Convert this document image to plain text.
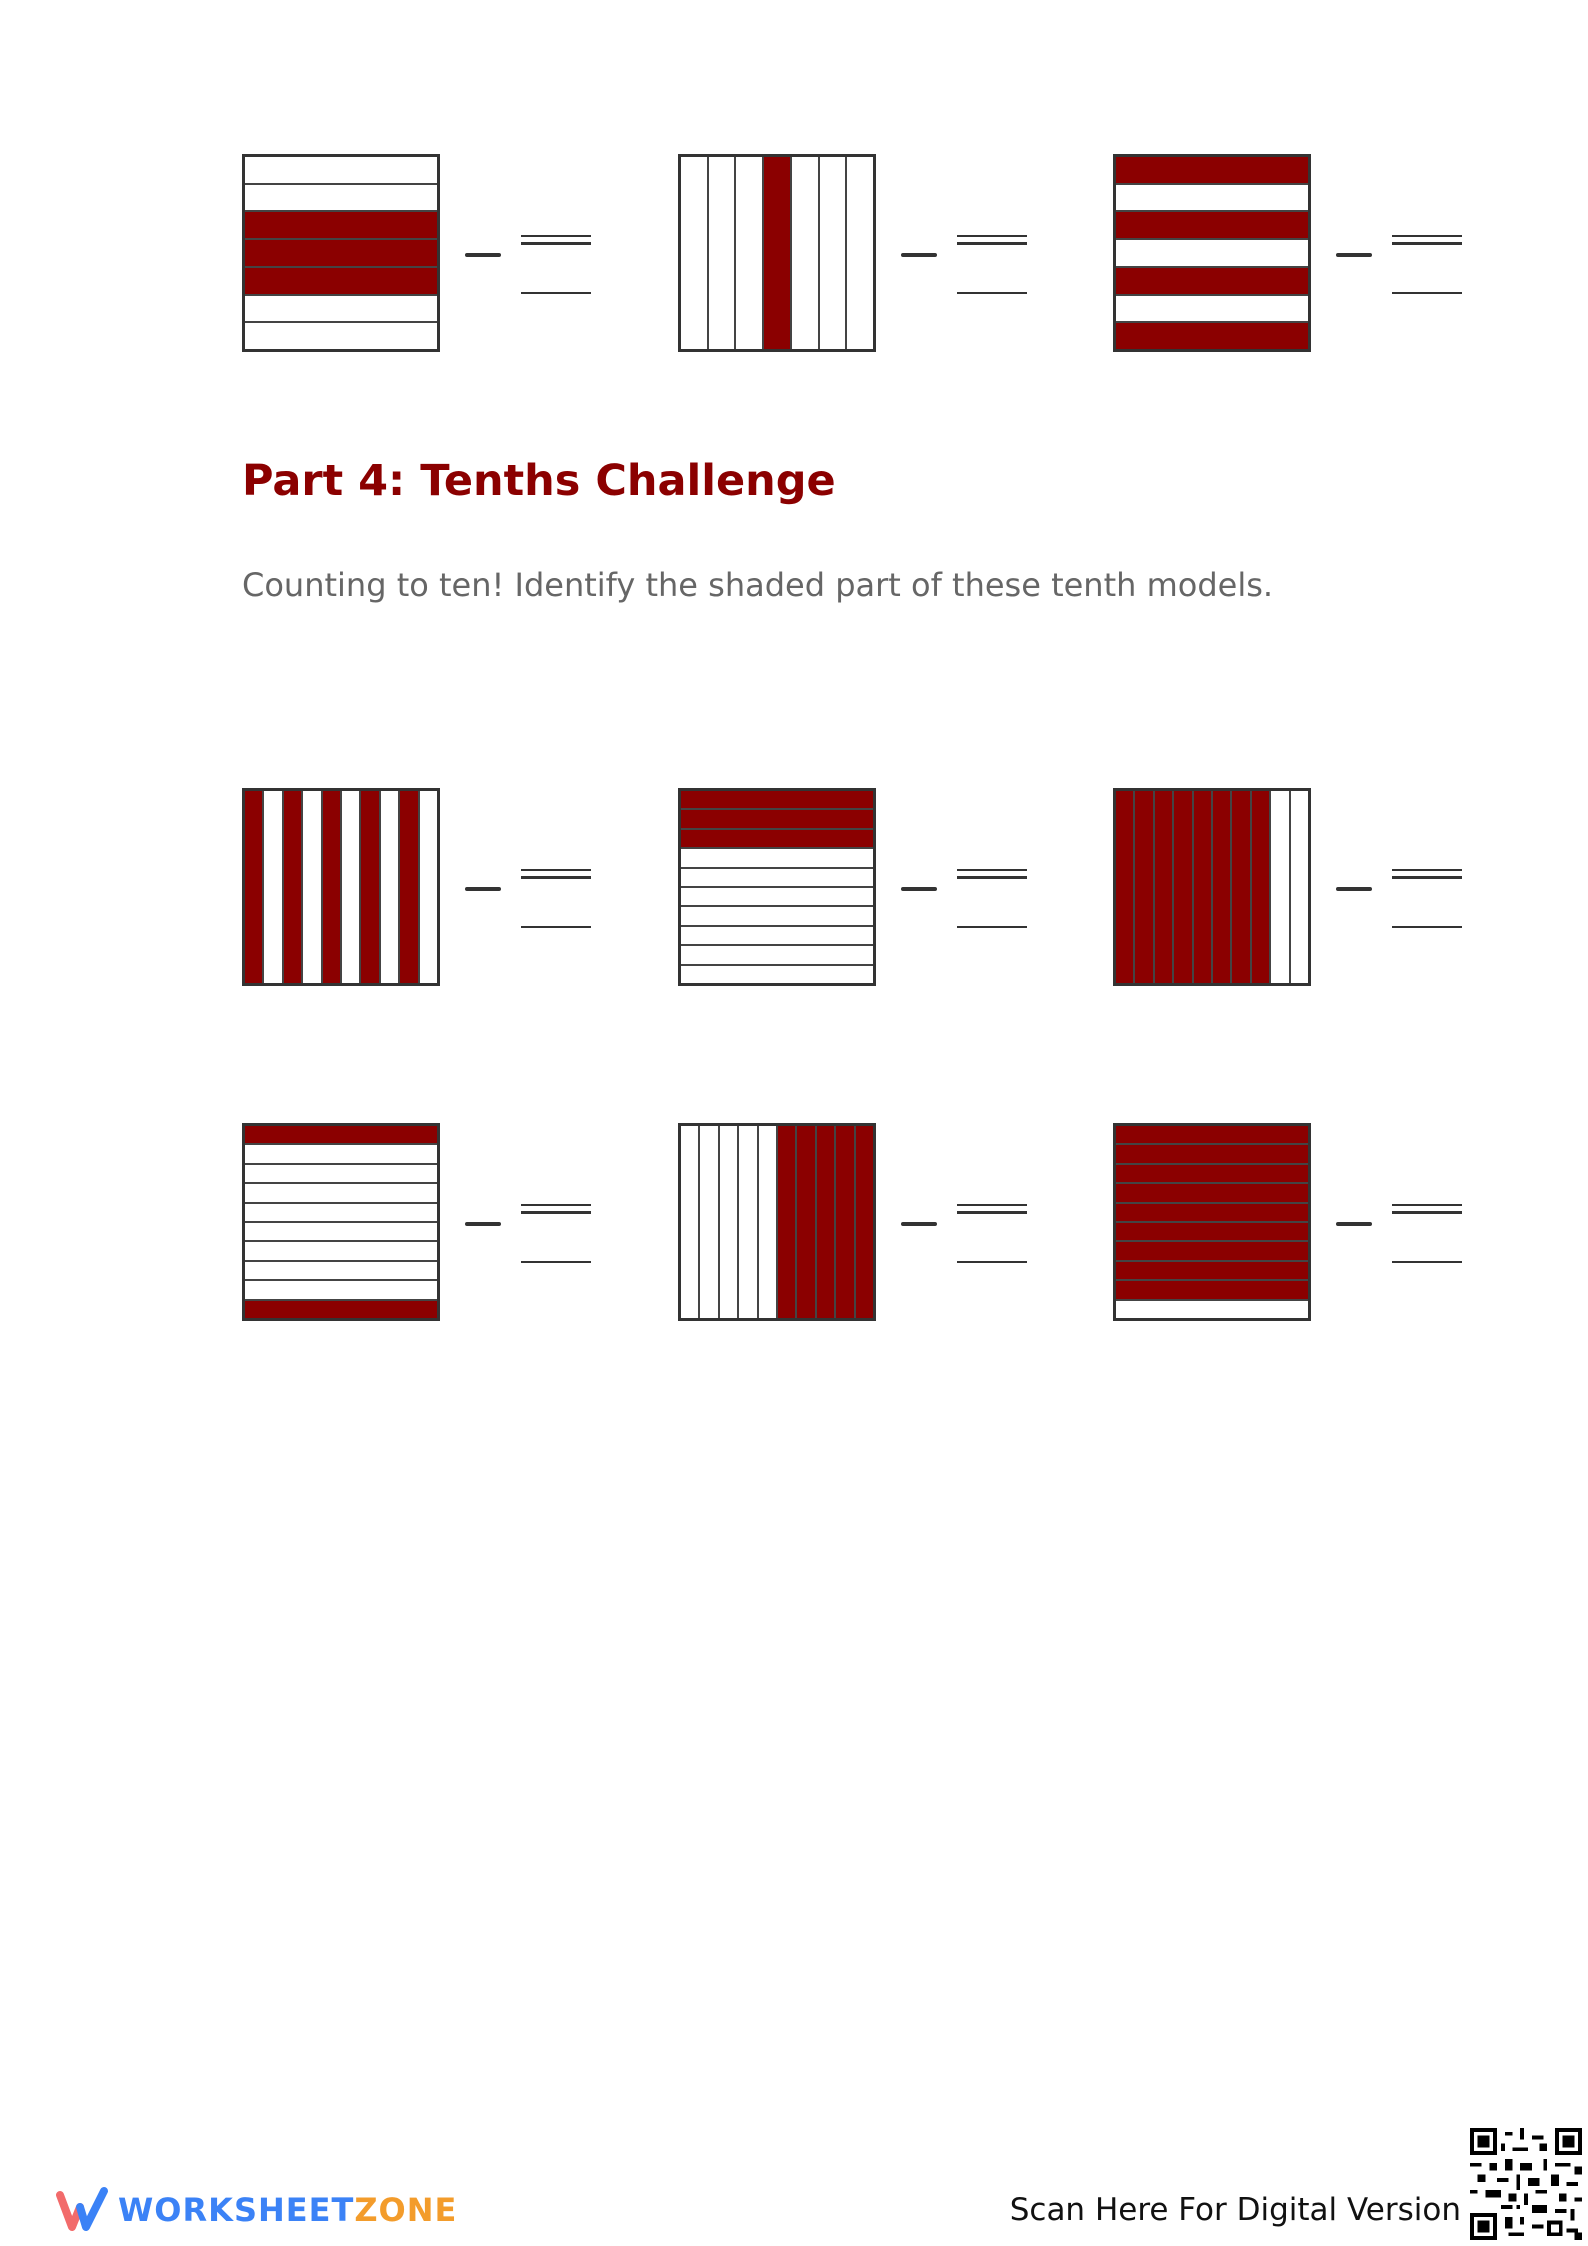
Part 4: Tenths Challenge

Counting to ten! Identify the shaded part of these tenth models.

WORKSHEETZONE	Scan Here For Digital Version
